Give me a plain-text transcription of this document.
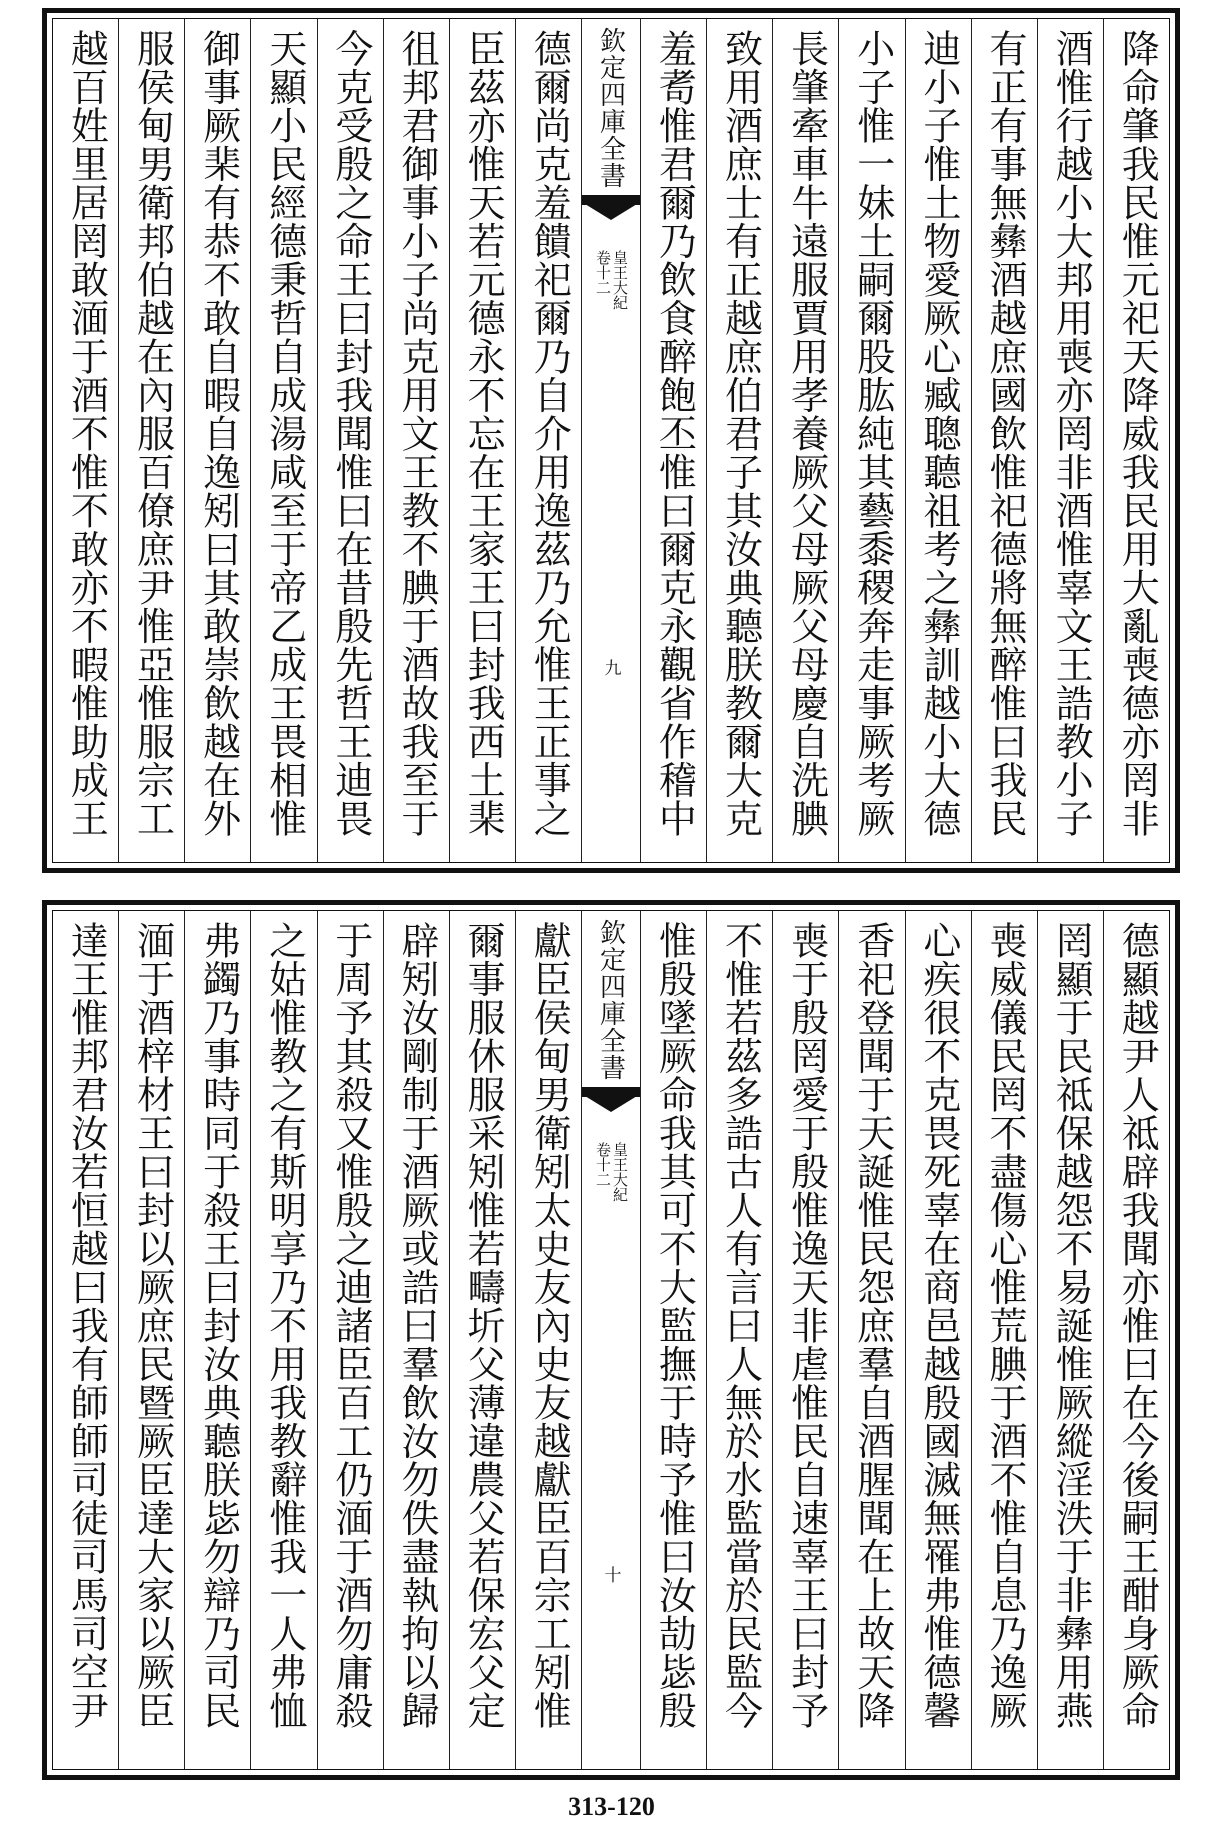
降命肇我民惟元祀天降威我民用大亂喪德亦罔非
酒惟行越小大邦用喪亦罔非酒惟辜文王誥教小子
有正有事無彝酒越庶國飲惟祀德將無醉惟曰我民
迪小子惟土物愛厥心臧聰聽祖考之彝訓越小大德
小子惟一妹土嗣爾股肱純其藝黍稷奔走事厥考厥
長肇牽車牛遠服賈用孝養厥父母厥父母慶自洗腆
致用酒庶士有正越庶伯君子其汝典聽朕教爾大克
羞耉惟君爾乃飲食醉飽丕惟曰爾克永觀省作稽中
欽定四庫全書
皇王大紀
卷十二
九
德爾尚克羞饋祀爾乃自介用逸茲乃允惟王正事之
臣茲亦惟天若元德永不忘在王家王曰封我西土棐
徂邦君御事小子尚克用文王教不腆于酒故我至于
今克受殷之命王曰封我聞惟曰在昔殷先哲王迪畏
天顯小民經德秉哲自成湯咸至于帝乙成王畏相惟
御事厥棐有恭不敢自暇自逸矧曰其敢崇飲越在外
服侯甸男衛邦伯越在內服百僚庶尹惟亞惟服宗工
越百姓里居罔敢湎于酒不惟不敢亦不暇惟助成王
德顯越尹人祗辟我聞亦惟曰在今後嗣王酣身厥命
罔顯于民祗保越怨不易誕惟厥縱淫泆于非彝用燕
喪威儀民罔不盡傷心惟荒腆于酒不惟自息乃逸厥
心疾很不克畏死辜在商邑越殷國滅無罹弗惟德馨
香祀登聞于天誕惟民怨庶羣自酒腥聞在上故天降
喪于殷罔愛于殷惟逸天非虐惟民自速辜王曰封予
不惟若茲多誥古人有言曰人無於水監當於民監今
惟殷墜厥命我其可不大監撫于時予惟曰汝劼毖殷
欽定四庫全書
皇王大紀
卷十二
十
獻臣侯甸男衛矧太史友內史友越獻臣百宗工矧惟
爾事服休服采矧惟若疇圻父薄違農父若保宏父定
辟矧汝剛制于酒厥或誥曰羣飲汝勿佚盡執拘以歸
于周予其殺又惟殷之迪諸臣百工仍湎于酒勿庸殺
之姑惟教之有斯明享乃不用我教辭惟我一人弗恤
弗蠲乃事時同于殺王曰封汝典聽朕毖勿辯乃司民
湎于酒梓材王曰封以厥庶民暨厥臣達大家以厥臣
達王惟邦君汝若恒越曰我有師師司徒司馬司空尹
313-120
